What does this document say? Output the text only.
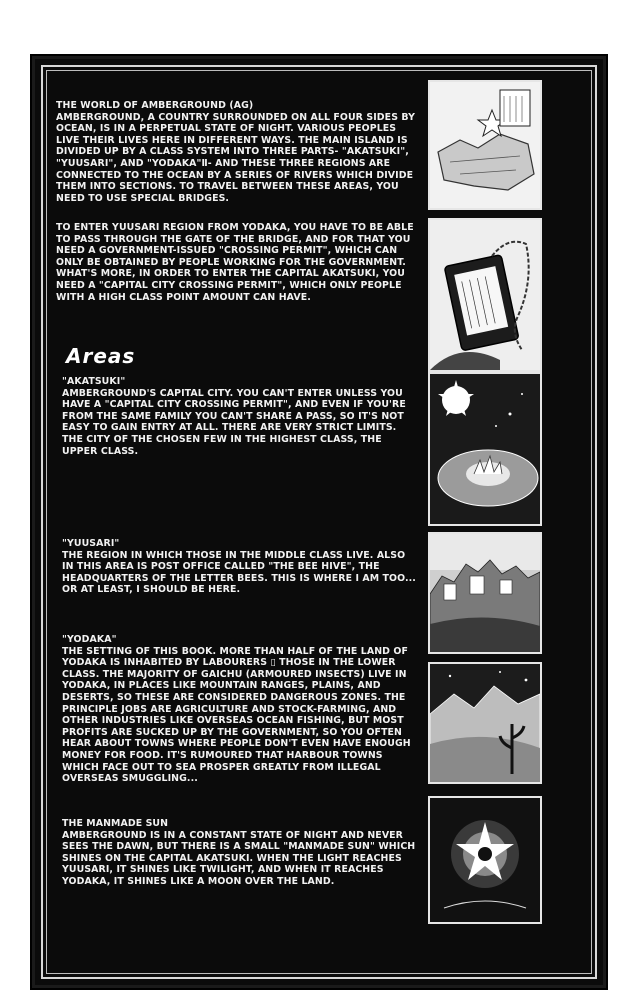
THE WORLD OF AMBERGROUND (AG)
AMBERGROUND, A COUNTRY SURROUNDED ON ALL FOUR SIDES BY OCEAN, IS IN A PERPETUAL STATE OF NIGHT. VARIOUS PEOPLES LIVE THEIR LIVES HERE IN DIFFERENT WAYS. THE MAIN ISLAND IS DIVIDED UP BY A CLASS SYSTEM INTO THREE PARTS- "AKATSUKI", "YUUSARI", AND "YODAKA"Ⅱ- AND THESE THREE REGIONS ARE CONNECTED TO THE OCEAN BY A SERIES OF RIVERS WHICH DIVIDE THEM INTO SECTIONS. TO TRAVEL BETWEEN THESE AREAS, YOU NEED TO USE SPECIAL BRIDGES.
TO ENTER YUUSARI REGION FROM YODAKA, YOU HAVE TO BE ABLE TO PASS THROUGH THE GATE OF THE BRIDGE, AND FOR THAT YOU NEED A GOVERNMENT-ISSUED "CROSSING PERMIT", WHICH CAN ONLY BE OBTAINED BY PEOPLE WORKING FOR THE GOVERNMENT. WHAT'S MORE, IN ORDER TO ENTER THE CAPITAL AKATSUKI, YOU NEED A "CAPITAL CITY CROSSING PERMIT", WHICH ONLY PEOPLE WITH A HIGH CLASS POINT AMOUNT CAN HAVE.
Areas
"AKATSUKI"
AMBERGROUND'S CAPITAL CITY. YOU CAN'T ENTER UNLESS YOU HAVE A "CAPITAL CITY CROSSING PERMIT", AND EVEN IF YOU'RE FROM THE SAME FAMILY YOU CAN'T SHARE A PASS, SO IT'S NOT EASY TO GAIN ENTRY AT ALL. THERE ARE VERY STRICT LIMITS. THE CITY OF THE CHOSEN FEW IN THE HIGHEST CLASS, THE UPPER CLASS.
"YUUSARI"
THE REGION IN WHICH THOSE IN THE MIDDLE CLASS LIVE. ALSO IN THIS AREA IS POST OFFICE CALLED "THE BEE HIVE", THE HEADQUARTERS OF THE LETTER BEES. THIS IS WHERE I AM TOO... OR AT LEAST, I SHOULD BE HERE.
"YODAKA"
THE SETTING OF THIS BOOK. MORE THAN HALF OF THE LAND OF YODAKA IS INHABITED BY LABOURERS ▯ THOSE IN THE LOWER CLASS. THE MAJORITY OF GAICHU (ARMOURED INSECTS) LIVE IN YODAKA, IN PLACES LIKE MOUNTAIN RANGES, PLAINS, AND DESERTS, SO THESE ARE CONSIDERED DANGEROUS ZONES. THE PRINCIPLE JOBS ARE AGRICULTURE AND STOCK-FARMING, AND OTHER INDUSTRIES LIKE OVERSEAS OCEAN FISHING, BUT MOST PROFITS ARE SUCKED UP BY THE GOVERNMENT, SO YOU OFTEN HEAR ABOUT TOWNS WHERE PEOPLE DON'T EVEN HAVE ENOUGH MONEY FOR FOOD. IT'S RUMOURED THAT HARBOUR TOWNS WHICH FACE OUT TO SEA PROSPER GREATLY FROM ILLEGAL OVERSEAS SMUGGLING...
THE MANMADE SUN
AMBERGROUND IS IN A CONSTANT STATE OF NIGHT AND NEVER SEES THE DAWN, BUT THERE IS A SMALL "MANMADE SUN" WHICH SHINES ON THE CAPITAL AKATSUKI. WHEN THE LIGHT REACHES YUUSARI, IT SHINES LIKE TWILIGHT, AND WHEN IT REACHES YODAKA, IT SHINES LIKE A MOON OVER THE LAND.
